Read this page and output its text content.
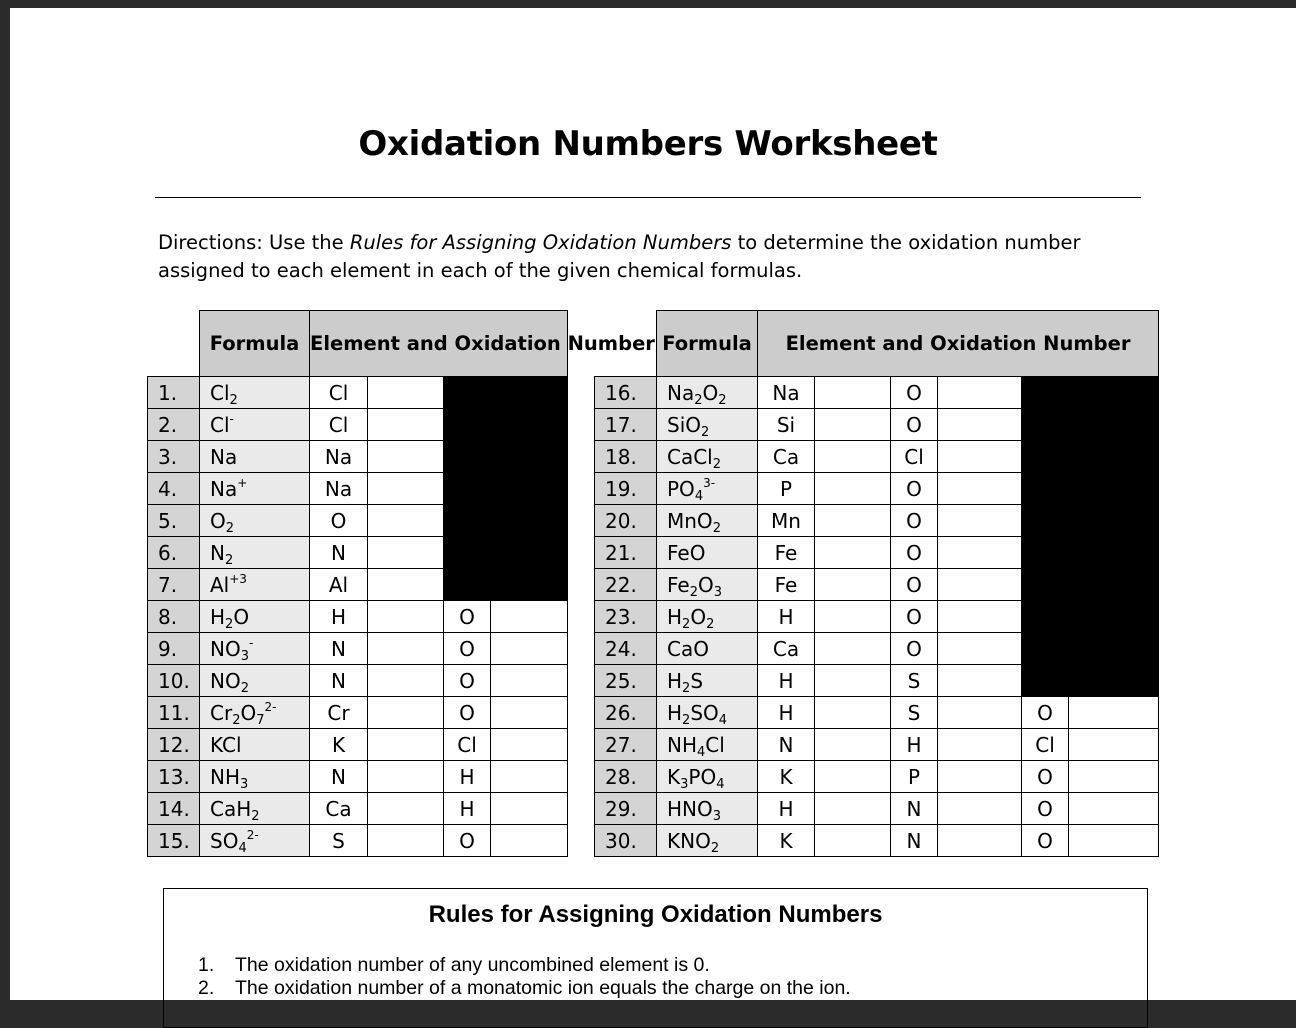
Oxidation Numbers Worksheet

Directions: Use the Rules for Assigning Oxidation Numbers to determine the oxidation number assigned to each element in each of the given chemical formulas.

	Formula	Element and Oxidation Number			
1.	$Cl_2$	Cl			
2.	Cl-	Cl			
3.	Na	Na			
4.	Na+	Na			
5.	$O_2$	O			
6.	$N_2$	N			
7.	$Al^{+3}$	Al			
8.	$H_2O$	H		O	
9.	$NO_3^-$	N		O	
10.	$NO_2$	N		O	
11.	$Cr_2O_7^{2-}$	Cr		O	
12.	KCl	K		Cl	
13.	$NH_3$	N		H	
14.	CaH$_2$	Ca		H	
15.	$SO_4^{2-}$	S		O	
	Formula	Element and Oxidation Number					
16.	$Na_2O_2$	Na		O			
17.	SiO$_2$	Si		O			
18.	CaCl$_2$	Ca		Cl			
19.	$PO_4^{3-}$	P		O			
20.	MnO$_2$	Mn		O			
21.	FeO	Fe		O			
22.	$Fe_2O_3$	Fe		O			
23.	$H_2O_2$	H		O			
24.	CaO	Ca		O			
25.	$H_2S$	H		S			
26.	$H_2SO_4$	H		S		O	
27.	$NH_4Cl$	N		H		Cl	
28.	$K_3PO_4$	K		P		O	
29.	$HNO_3$	H		N		O	
30.	$KNO_2$	K		N		O	
Rules for Assigning Oxidation Numbers
1.	The oxidation number of any uncombined element is 0.
2.	The oxidation number of a monatomic ion equals the charge on the ion.
